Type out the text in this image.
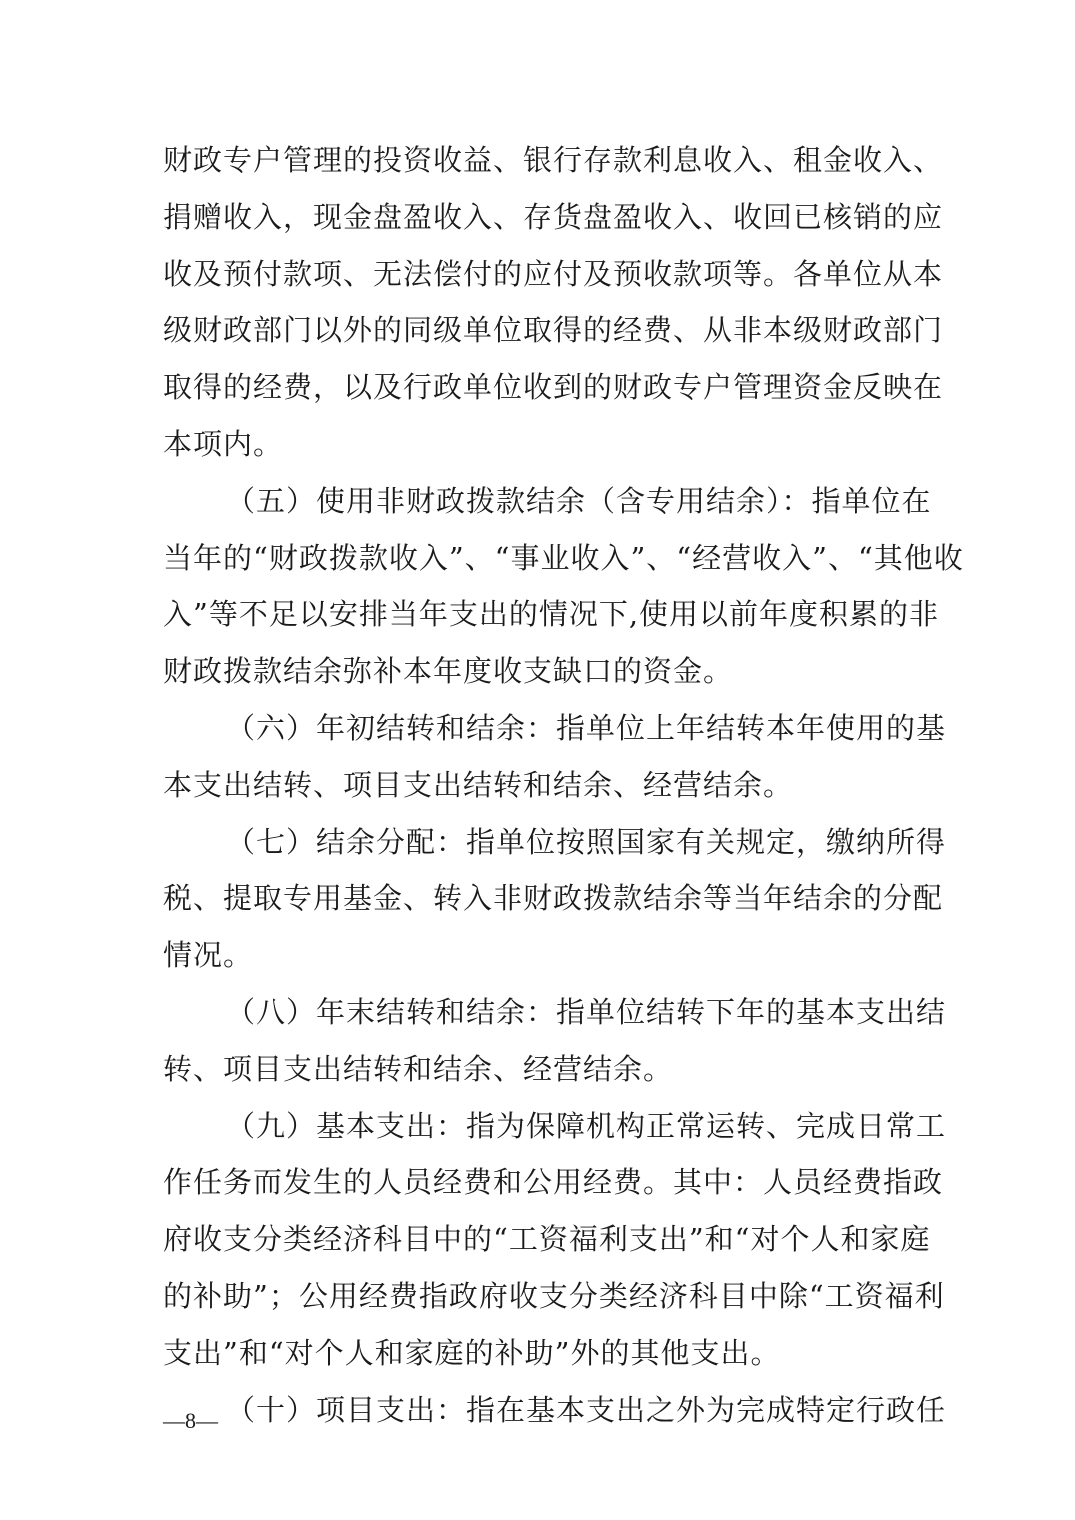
财政专户管理的投资收益、银行存款利息收入、租金收入、
捐赠收入，现金盘盈收入、存货盘盈收入、收回已核销的应
收及预付款项、无法偿付的应付及预收款项等。各单位从本
级财政部门以外的同级单位取得的经费、从非本级财政部门
取得的经费，以及行政单位收到的财政专户管理资金反映在
本项内。
（五）使用非财政拨款结余（含专用结余）：指单位在
当年的“财政拨款收入”、“事业收入”、“经营收入”、“其他收
入”等不足以安排当年支出的情况下,使用以前年度积累的非
财政拨款结余弥补本年度收支缺口的资金。
（六）年初结转和结余：指单位上年结转本年使用的基
本支出结转、项目支出结转和结余、经营结余。
（七）结余分配：指单位按照国家有关规定，缴纳所得
税、提取专用基金、转入非财政拨款结余等当年结余的分配
情况。
（八）年末结转和结余：指单位结转下年的基本支出结
转、项目支出结转和结余、经营结余。
（九）基本支出：指为保障机构正常运转、完成日常工
作任务而发生的人员经费和公用经费。其中：人员经费指政
府收支分类经济科目中的“工资福利支出”和“对个人和家庭
的补助”；公用经费指政府收支分类经济科目中除“工资福利
支出”和“对个人和家庭的补助”外的其他支出。
—8— （十）项目支出：指在基本支出之外为完成特定行政任
